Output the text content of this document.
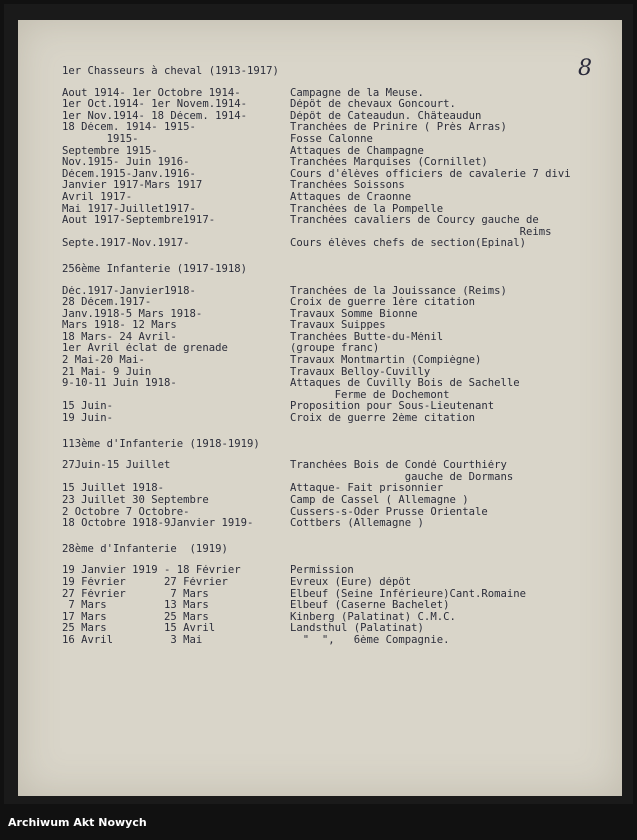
8
1er Chasseurs à cheval (1913-1917)
Aout 1914- 1er Octobre 1914-	Campagne de la Meuse.
1er Oct.1914- 1er Novem.1914-	Dépôt de chevaux Goncourt.
1er Nov.1914- 18 Décem. 1914-	Dépôt de Cateaudun. Châteaudun
18 Décem. 1914- 1915-	Tranchées de Prinire ( Près Arras)
1915-	Fosse Calonne
Septembre 1915-	Attaques de Champagne
Nov.1915- Juin 1916-	Tranchées Marquises (Cornillet)
Décem.1915-Janv.1916-	Cours d'élèves officiers de cavalerie 7 divi
Janvier 1917-Mars 1917	Tranchées Soissons
Avril 1917-	Attaques de Craonne
Mai 1917-Juillet1917-	Tranchées de la Pompelle
Aout 1917-Septembre1917-	Tranchées cavaliers de Courcy gauche de
Reims
Septe.1917-Nov.1917-	Cours élèves chefs de section(Epinal)
256ème Infanterie (1917-1918)
Déc.1917-Janvier1918-	Tranchées de la Jouissance (Reims)
28 Décem.1917-	Croix de guerre 1ère citation
Janv.1918-5 Mars 1918-	Travaux Somme Bionne
Mars 1918- 12 Mars	Travaux Suippes
18 Mars- 24 Avril-	Tranchées Butte-du-Ménil
1er Avril éclat de grenade	(groupe franc)
2 Mai-20 Mai-	Travaux Montmartin (Compiègne)
21 Mai- 9 Juin	Travaux Belloy-Cuvilly
9-10-11 Juin 1918-	Attaques de Cuvilly Bois de Sachelle
Ferme de Dochemont
15 Juin-	Proposition pour Sous-Lieutenant
19 Juin-	Croix de guerre 2ème citation
113ème d'Infanterie (1918-1919)
27Juin-15 Juillet	Tranchées Bois de Condé Courthiéry
gauche de Dormans
15 Juillet 1918-	Attaque- Fait prisonnier
23 Juillet 30 Septembre	Camp de Cassel ( Allemagne )
2 Octobre 7 Octobre-	Cussers-s-Oder Prusse Orientale
18 Octobre 1918-9Janvier 1919-	Cottbers (Allemagne )
28ème d'Infanterie  (1919)
19 Janvier 1919 - 18 Février	Permission
19 Février      27 Février	Evreux (Eure) dépôt
27 Février       7 Mars	Elbeuf (Seine Inférieure)Cant.Romaine
7 Mars         13 Mars	Elbeuf (Caserne Bachelet)
17 Mars         25 Mars	Kinberg (Palatinat) C.M.C.
25 Mars         15 Avril	Landsthul (Palatinat)
16 Avril         3 Mai	"  ",   6ème Compagnie.
Archiwum Akt Nowych
